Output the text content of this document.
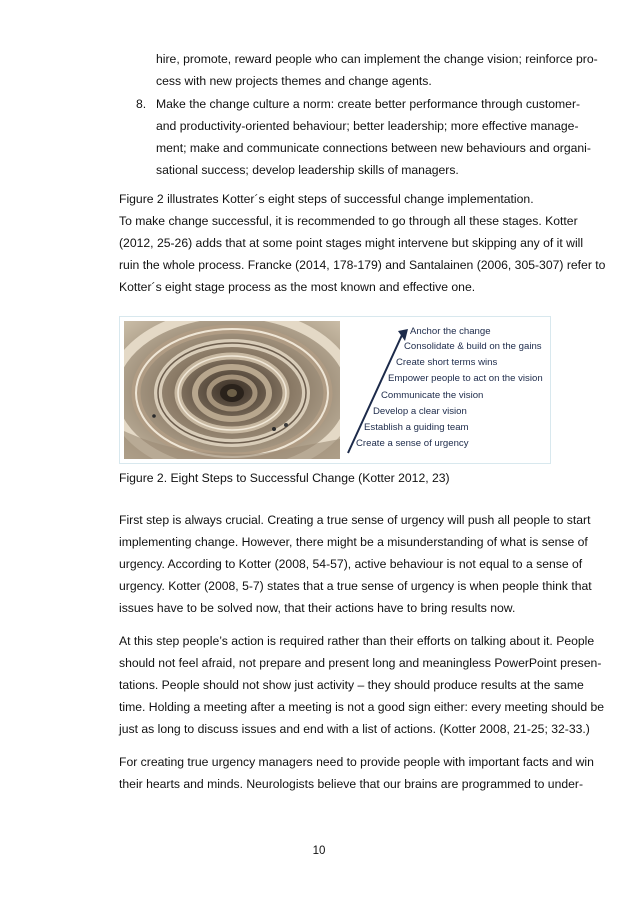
hire, promote, reward people who can implement the change vision; reinforce pro-
cess with new projects themes and change agents.
8. Make the change culture a norm: create better performance through customer-
and productivity-oriented behaviour; better leadership; more effective manage-
ment; make and communicate connections between new behaviours and organi-
sational success; develop leadership skills of managers.
Figure 2 illustrates Kotter´s eight steps of successful change implementation.
To make change successful, it is recommended to go through all these stages. Kotter
(2012, 25-26) adds that at some point stages might intervene but skipping any of it will
ruin the whole process. Francke (2014, 178-179) and Santalainen (2006, 305-307) refer to
Kotter´s eight stage process as the most known and effective one.
Anchor the change
Consolidate & build on the gains
Create short terms wins
Empower people to act on the vision
Communicate the vision
Develop a clear vision
Establish a guiding team
Create a sense of urgency
Figure 2. Eight Steps to Successful Change (Kotter 2012, 23)
First step is always crucial. Creating a true sense of urgency will push all people to start
implementing change. However, there might be a misunderstanding of what is sense of
urgency. According to Kotter (2008, 54-57), active behaviour is not equal to a sense of
urgency. Kotter (2008, 5-7) states that a true sense of urgency is when people think that
issues have to be solved now, that their actions have to bring results now.
At this step people’s action is required rather than their efforts on talking about it. People
should not feel afraid, not prepare and present long and meaningless PowerPoint presen-
tations. People should not show just activity – they should produce results at the same
time. Holding a meeting after a meeting is not a good sign either: every meeting should be
just as long to discuss issues and end with a list of actions. (Kotter 2008, 21-25; 32-33.)
For creating true urgency managers need to provide people with important facts and win
their hearts and minds. Neurologists believe that our brains are programmed to under-
10
